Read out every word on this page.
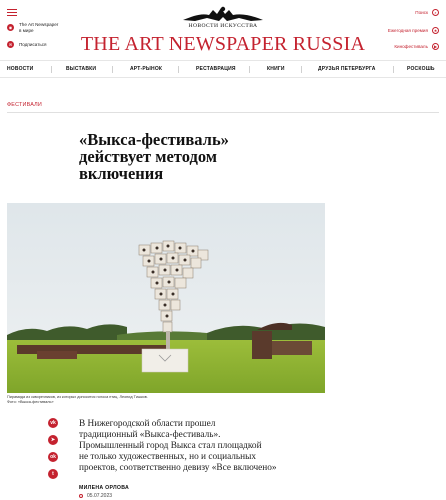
◉
The Art Newspaper в мире
✉	Подписаться
НОВОСТИ ИСКУССТВА
THE ART NEWSPAPER RUSSIA
Поиск	⌕
Ежегодная премия	★
Кинофестиваль	▶
НОВОСТИ	ВЫСТАВКИ	АРТ-РЫНОК	РЕСТАВРАЦИЯ	КНИГИ	ДРУЗЬЯ ПЕТЕРБУРГА	РОСКОШЬ
ФЕСТИВАЛИ
«Выкса-фестиваль»
действует методом
включения
Пирамида из скворечников, из которых доносится голоса птиц. Леонид Тишков.
Фото: «Выкса-фестиваль»
vk
➤
ok
t
В Нижегородской области прошел
традиционный «Выкса-фестиваль».
Промышленный город Выкса стал площадкой
не только художественных, но и социальных
проектов, соответственно девизу «Все включено»
МИЛЕНА ОРЛОВА
05.07.2023
